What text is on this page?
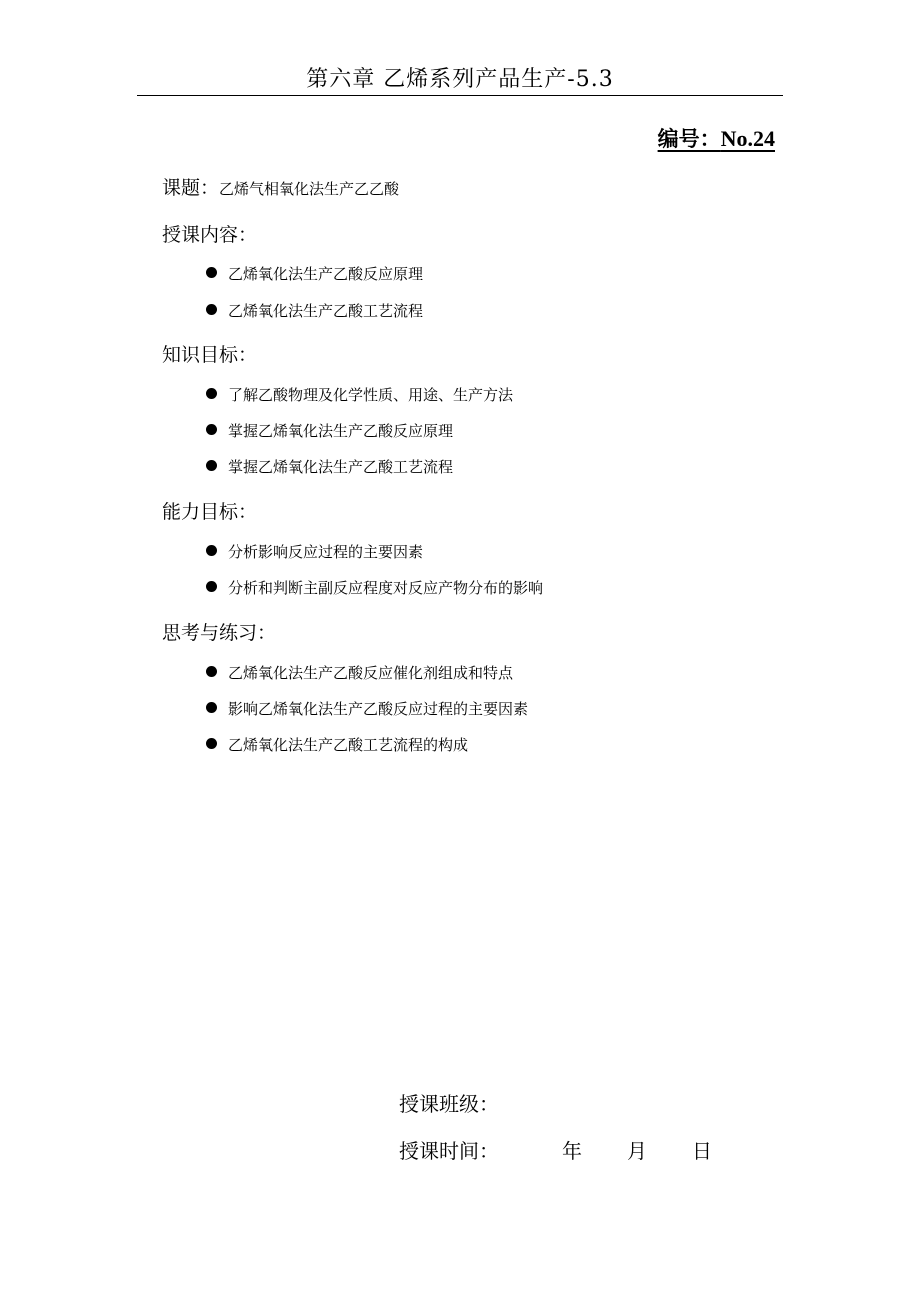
第六章 乙烯系列产品生产-5.3
编号：No.24
课题：乙烯气相氧化法生产乙乙酸
授课内容：
乙烯氧化法生产乙酸反应原理
乙烯氧化法生产乙酸工艺流程
知识目标：
了解乙酸物理及化学性质、用途、生产方法
掌握乙烯氧化法生产乙酸反应原理
掌握乙烯氧化法生产乙酸工艺流程
能力目标：
分析影响反应过程的主要因素
分析和判断主副反应程度对反应产物分布的影响
思考与练习：
乙烯氧化法生产乙酸反应催化剂组成和特点
影响乙烯氧化法生产乙酸反应过程的主要因素
乙烯氧化法生产乙酸工艺流程的构成
授课班级：
授课时间：	年 月 日
